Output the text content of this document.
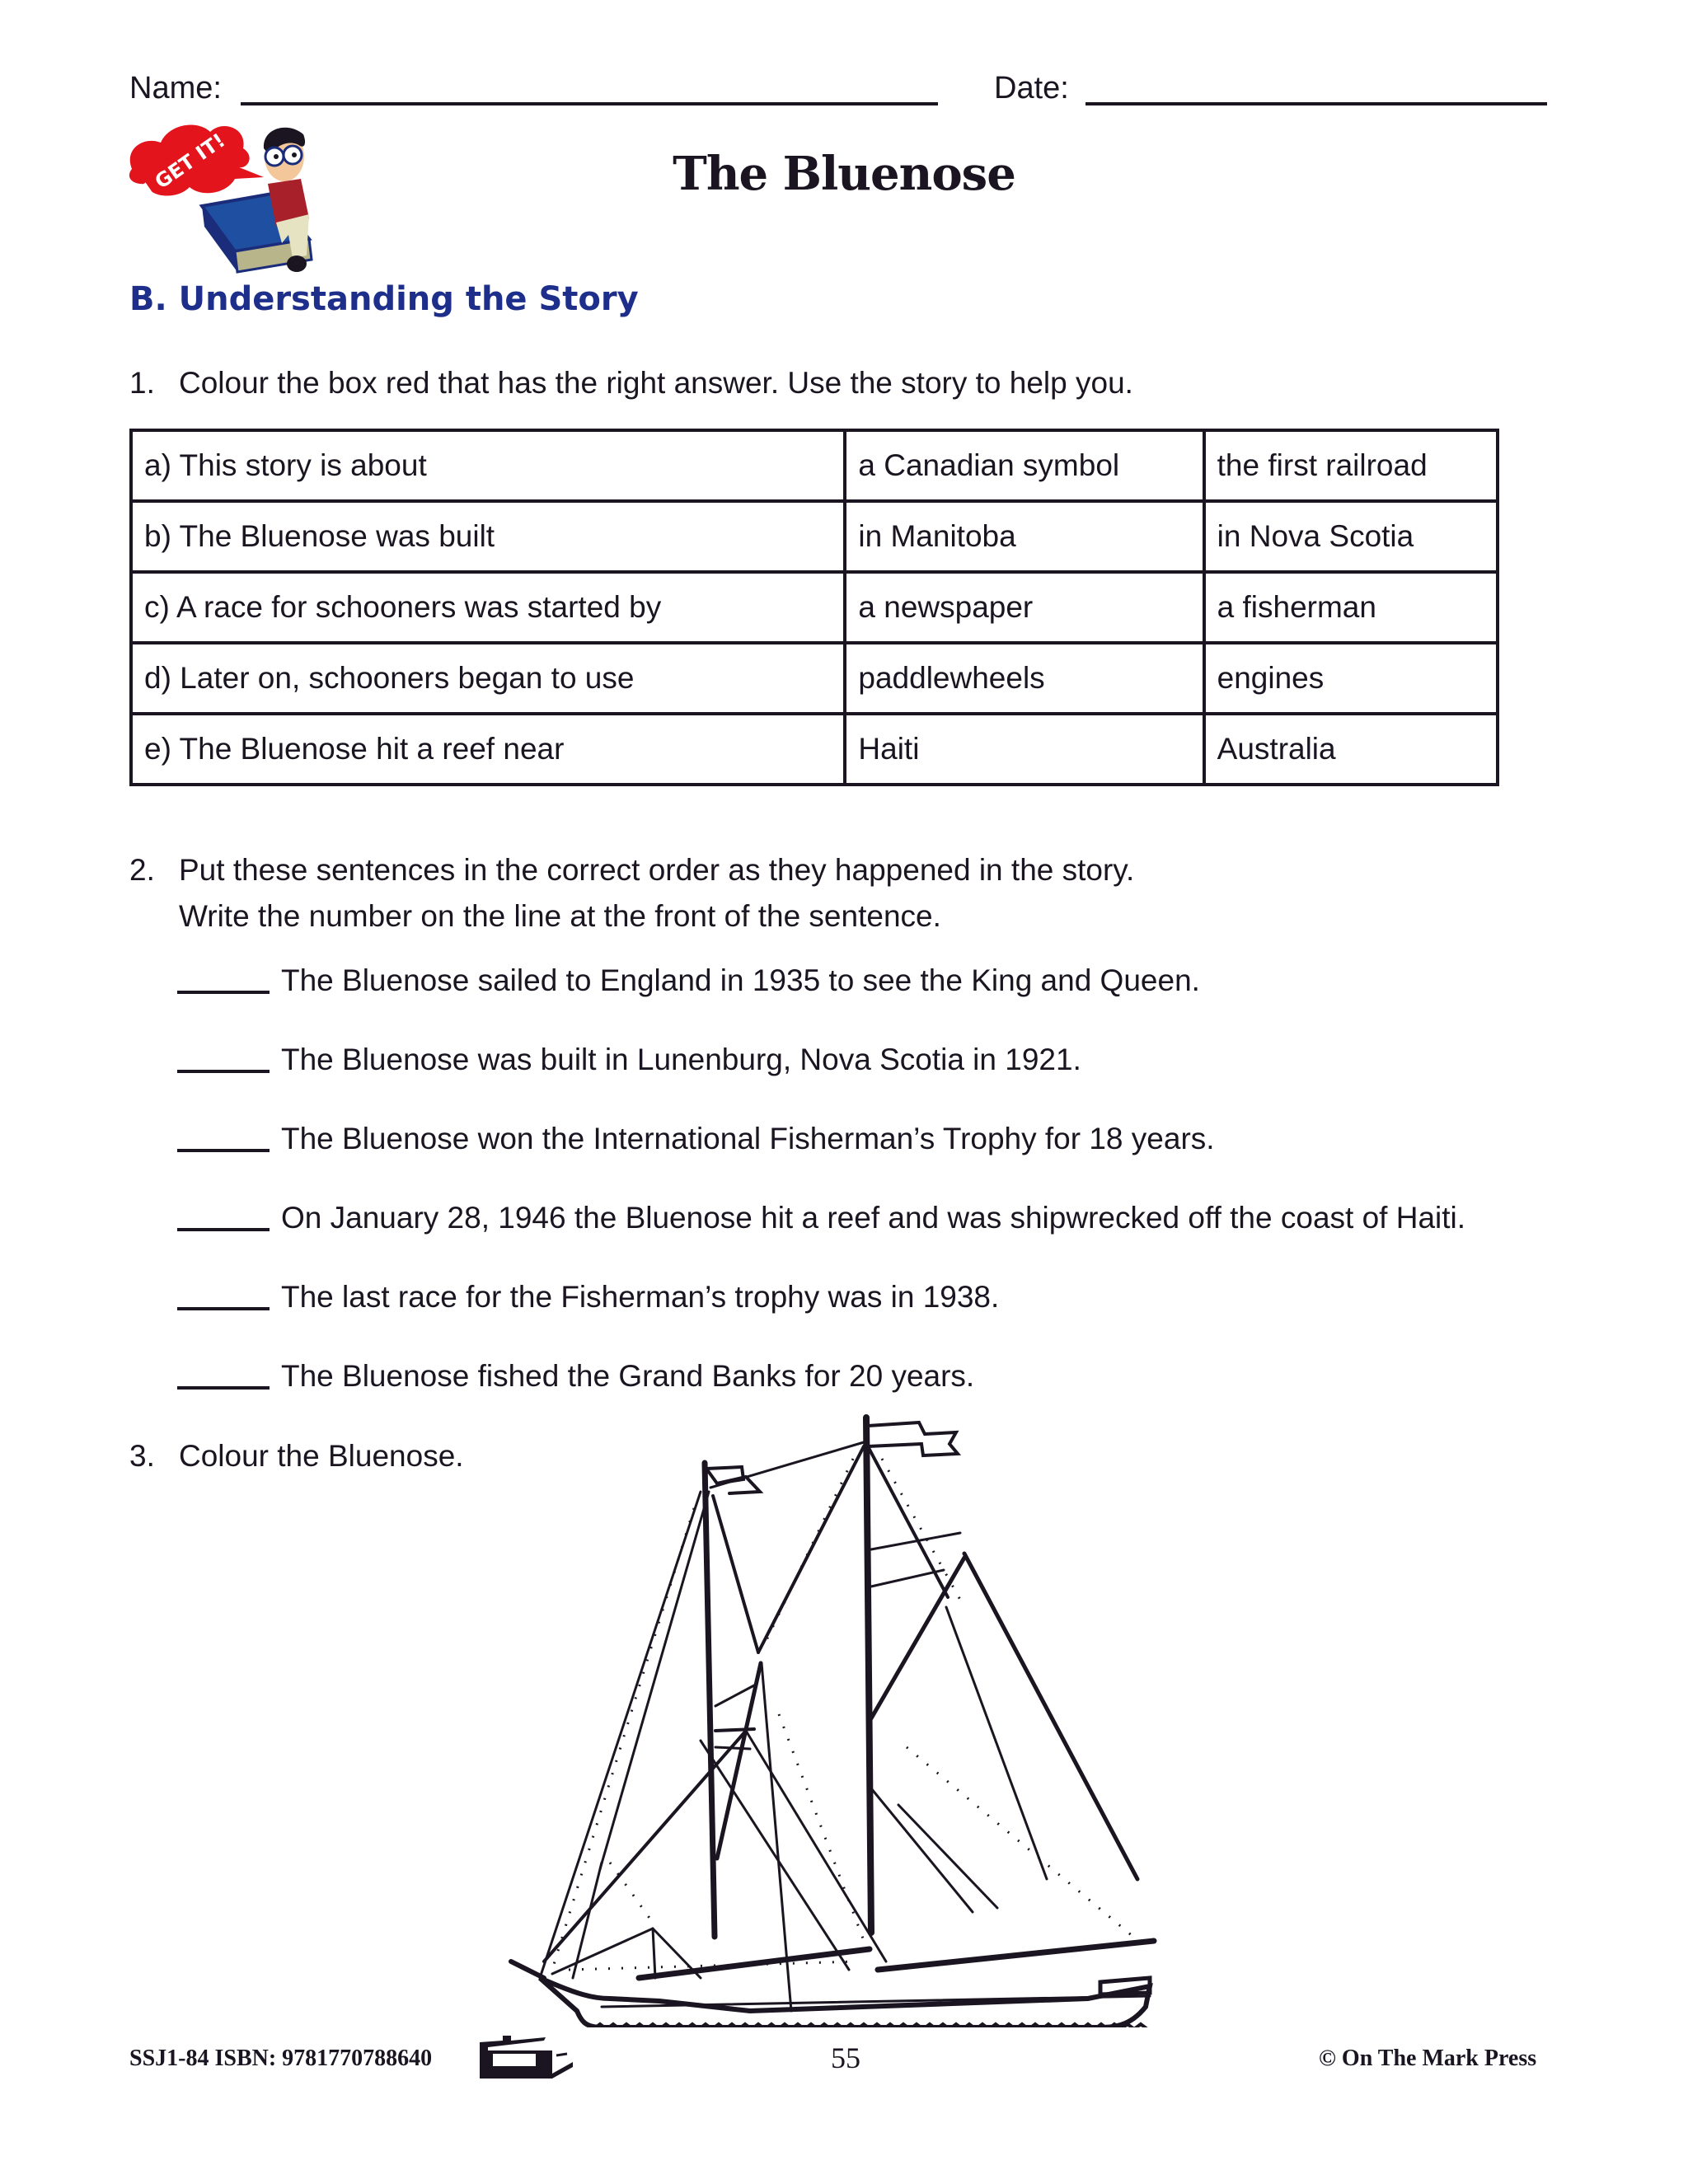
Name:	Date:
I GET IT!	The Bluenose
B. Understanding the Story
1. Colour the box red that has the right answer. Use the story to help you.
a) This story is about	a Canadian symbol	the first railroad
b) The Bluenose was built	in Manitoba	in Nova Scotia
c) A race for schooners was started by	a newspaper	a fisherman
d) Later on, schooners began to use	paddlewheels	engines
e) The Bluenose hit a reef near	Haiti	Australia
2. Put these sentences in the correct order as they happened in the story.
Write the number on the line at the front of the sentence.
The Bluenose sailed to England in 1935 to see the King and Queen.
The Bluenose was built in Lunenburg, Nova Scotia in 1921.
The Bluenose won the International Fisherman’s Trophy for 18 years.
On January 28, 1946 the Bluenose hit a reef and was shipwrecked off the coast of Haiti.
The last race for the Fisherman’s trophy was in 1938.
The Bluenose fished the Grand Banks for 20 years.
3. Colour the Bluenose.
SSJ1-84 ISBN: 9781770788640	55	© On The Mark Press
